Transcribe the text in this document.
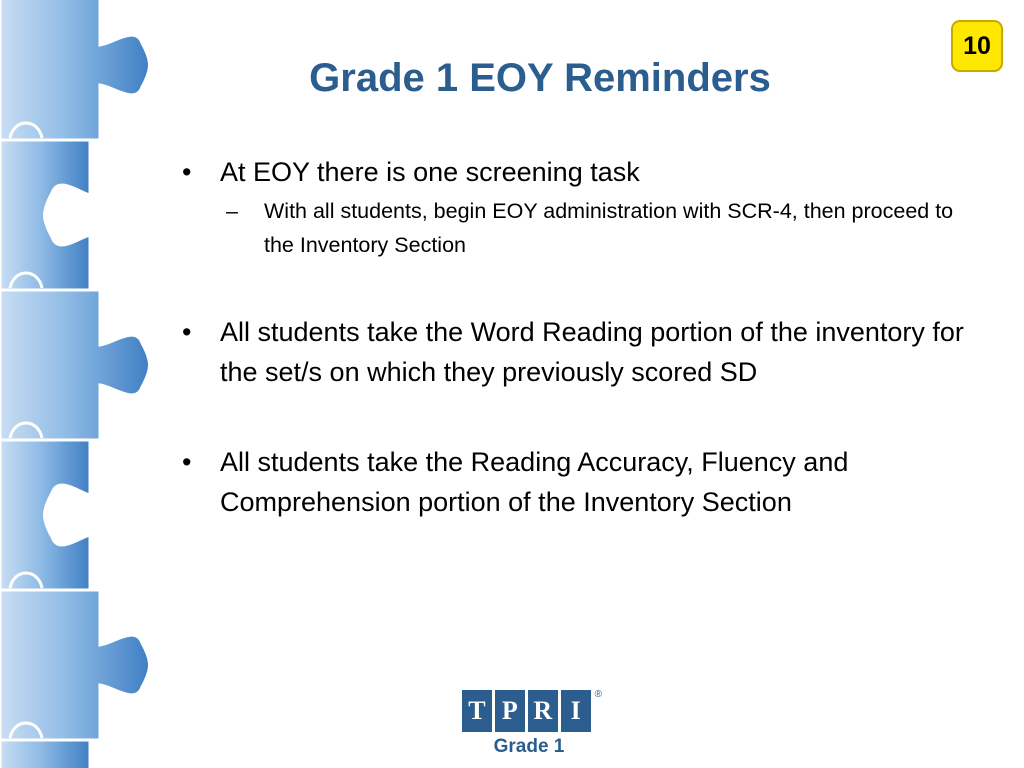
Grade 1 EOY Reminders
10
• At EOY there is one screening task
– With all students, begin EOY administration with SCR-4, then proceed to the Inventory Section
• All students take the Word Reading portion of the inventory for the set/s on which they previously scored SD
• All students take the Reading Accuracy, Fluency and Comprehension portion of the Inventory Section
T P R I
®
Grade 1
